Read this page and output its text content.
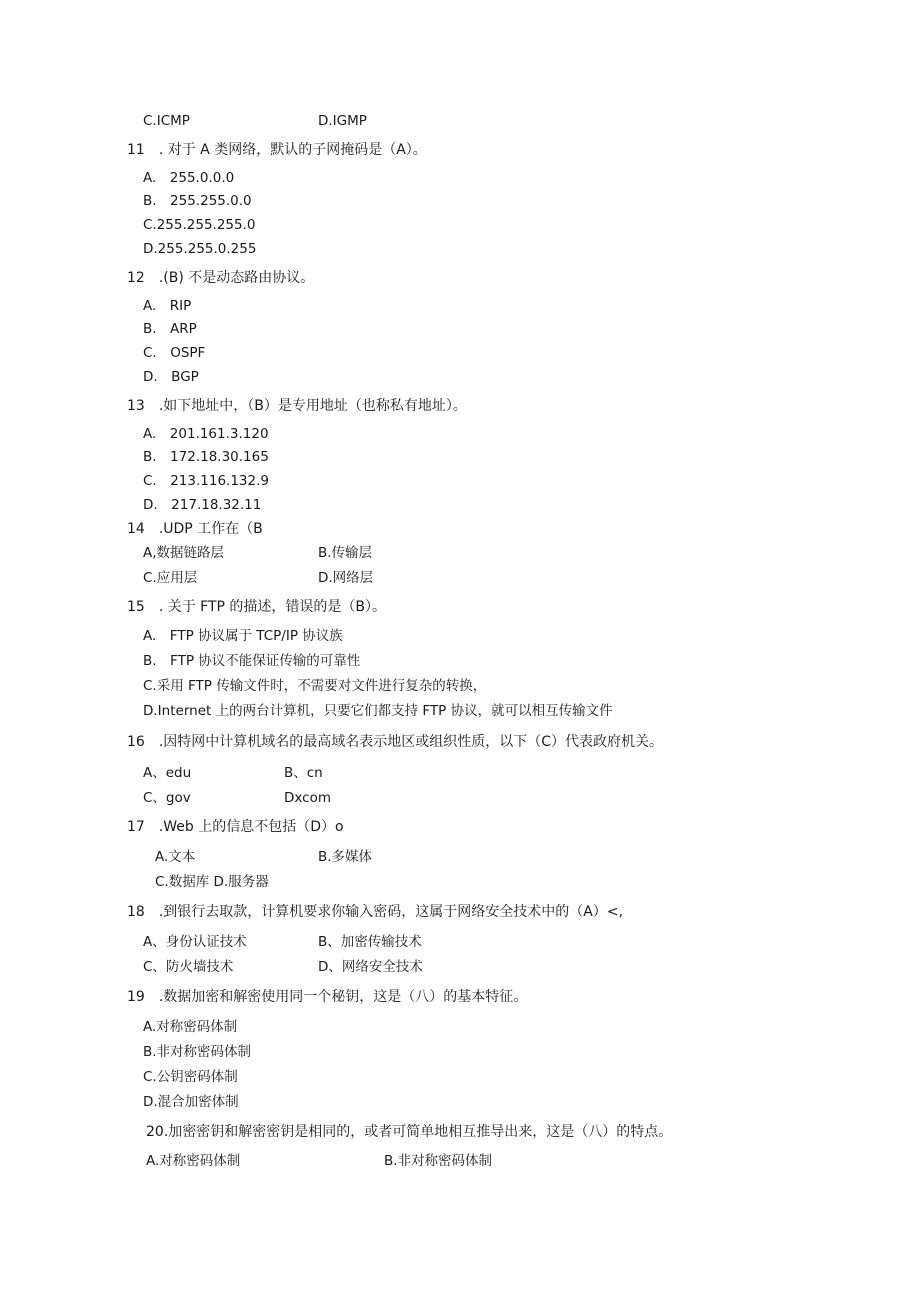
C.ICMP	D.IGMP
11　. 对于 A 类网络，默认的子网掩码是（A）。
A.　255.0.0.0
B.　255.255.0.0
C.255.255.255.0
D.255.255.0.255
12　.(B) 不是动态路由协议。
A.　RIP
B.　ARP
C.　OSPF
D.　BGP
13　.如下地址中，（B）是专用地址（也称私有地址）。
A.　201.161.3.120
B.　172.18.30.165
C.　213.116.132.9
D.　217.18.32.11
14　.UDP 工作在（B
A,数据链路层	B.传输层
C.应用层	D.网络层
15　. 关于 FTP 的描述，错误的是（B）。
A.　FTP 协议属于 TCP/IP 协议族
B.　FTP 协议不能保证传输的可靠性
C.采用 FTP 传输文件时，不需要对文件进行复杂的转换，
D.Internet 上的两台计算机，只要它们都支持 FTP 协议，就可以相互传输文件
16　.因特网中计算机域名的最高域名表示地区或组织性质，以下（C）代表政府机关。
A、edu	B、cn
C、gov	Dxcom
17　.Web 上的信息不包括（D）o
A.文本	B.多媒体
C.数据库 D.服务器
18　.到银行去取款，计算机要求你输入密码，这属于网络安全技术中的（A）<,
A、身份认证技术	B、加密传输技术
C、防火墙技术	D、网络安全技术
19　.数据加密和解密使用同一个秘钥，这是（八）的基本特征。
A.对称密码体制
B.非对称密码体制
C.公钥密码体制
D.混合加密体制
20.加密密钥和解密密钥是相同的，或者可简单地相互推导出来，这是（八）的特点。
A.对称密码体制	B.非对称密码体制
